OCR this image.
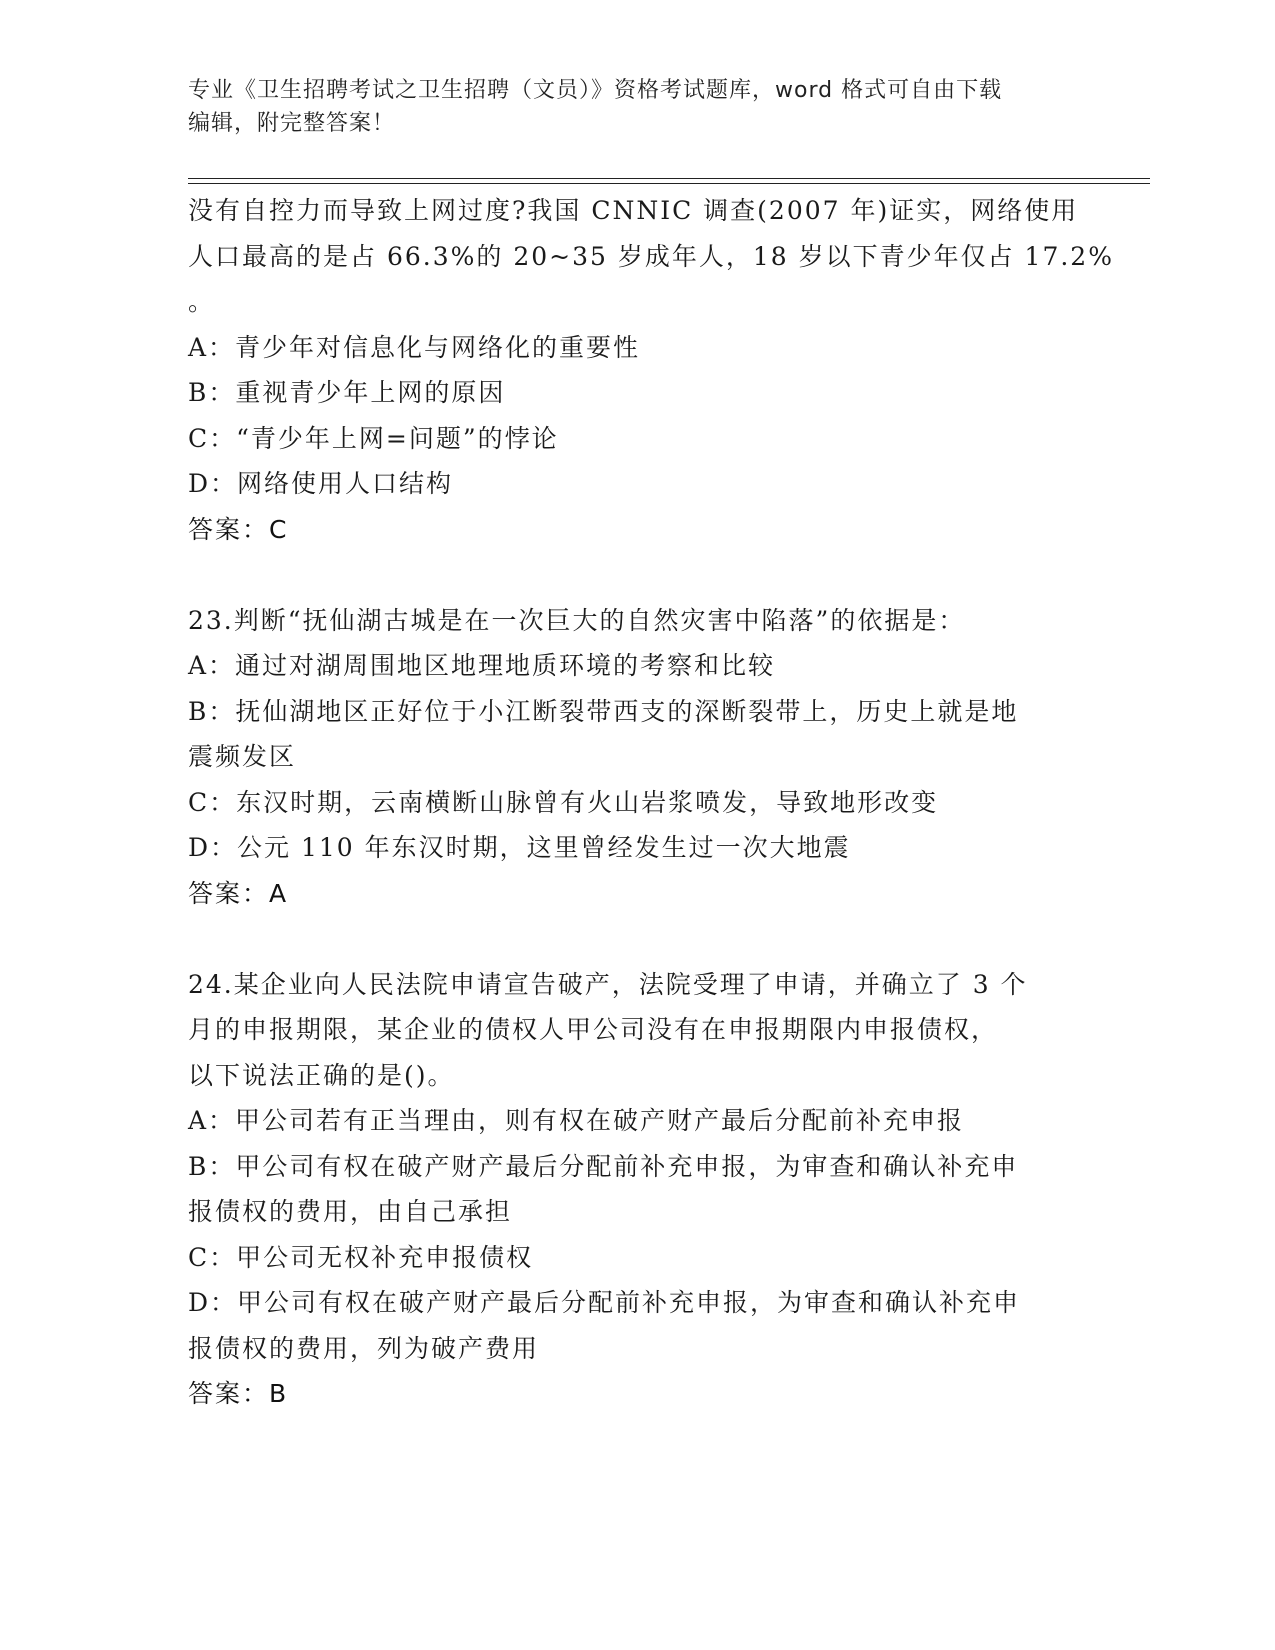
专业《卫生招聘考试之卫生招聘（文员）》资格考试题库，word 格式可自由下载
编辑，附完整答案！
没有自控力而导致上网过度?我国 CNNIC 调查(2007 年)证实，网络使用
人口最高的是占 66.3%的 20~35 岁成年人，18 岁以下青少年仅占 17.2%
。
A：青少年对信息化与网络化的重要性
B：重视青少年上网的原因
C：“青少年上网=问题”的悖论
D：网络使用人口结构
答案：C
23.判断“抚仙湖古城是在一次巨大的自然灾害中陷落”的依据是：
A：通过对湖周围地区地理地质环境的考察和比较
B：抚仙湖地区正好位于小江断裂带西支的深断裂带上，历史上就是地
震频发区
C：东汉时期，云南横断山脉曾有火山岩浆喷发，导致地形改变
D：公元 110 年东汉时期，这里曾经发生过一次大地震
答案：A
24.某企业向人民法院申请宣告破产，法院受理了申请，并确立了 3 个
月的申报期限，某企业的债权人甲公司没有在申报期限内申报债权，
以下说法正确的是()。
A：甲公司若有正当理由，则有权在破产财产最后分配前补充申报
B：甲公司有权在破产财产最后分配前补充申报，为审查和确认补充申
报债权的费用，由自己承担
C：甲公司无权补充申报债权
D：甲公司有权在破产财产最后分配前补充申报，为审查和确认补充申
报债权的费用，列为破产费用
答案：B
